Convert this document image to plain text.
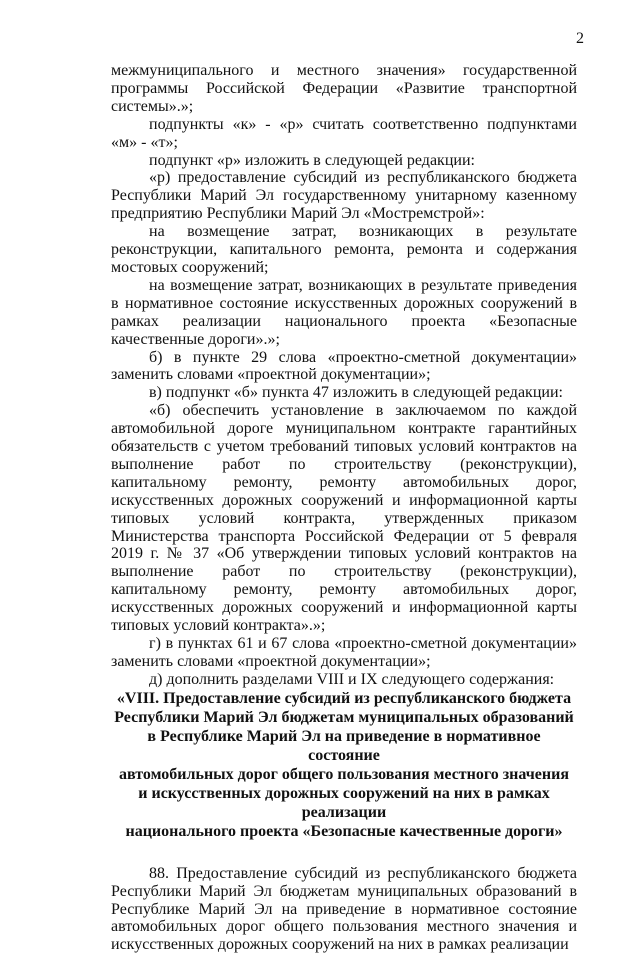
2

межмуниципального и местного значения» государственной программы Российской Федерации «Развитие транспортной системы».»;

подпункты «к» - «р» считать соответственно подпунктами «м» - «т»;

подпункт «р» изложить в следующей редакции:

«р) предоставление субсидий из республиканского бюджета Республики Марий Эл государственному унитарному казенному предприятию Республики Марий Эл «Мостремстрой»:

на возмещение затрат, возникающих в результате реконструкции, капитального ремонта, ремонта и содержания мостовых сооружений;

на возмещение затрат, возникающих в результате приведения в нормативное состояние искусственных дорожных сооружений в рамках реализации национального проекта «Безопасные качественные дороги».»;

б) в пункте 29 слова «проектно-сметной документации» заменить словами «проектной документации»;

в) подпункт «б» пункта 47 изложить в следующей редакции:

«б) обеспечить установление в заключаемом по каждой автомобильной дороге муниципальном контракте гарантийных обязательств с учетом требований типовых условий контрактов на выполнение работ по строительству (реконструкции), капитальному ремонту, ремонту автомобильных дорог, искусственных дорожных сооружений и информационной карты типовых условий контракта, утвержденных приказом Министерства транспорта Российской Федерации от 5 февраля 2019 г. № 37 «Об утверждении типовых условий контрактов на выполнение работ по строительству (реконструкции), капитальному ремонту, ремонту автомобильных дорог, искусственных дорожных сооружений и информационной карты типовых условий контракта».»;

г) в пунктах 61 и 67 слова «проектно-сметной документации» заменить словами «проектной документации»;

д) дополнить разделами VIII и IX следующего содержания:

«VIII. Предоставление субсидий из республиканского бюджета

Республики Марий Эл бюджетам муниципальных образований

в Республике Марий Эл на приведение в нормативное состояние

автомобильных дорог общего пользования местного значения

и искусственных дорожных сооружений на них в рамках реализации

национального проекта «Безопасные качественные дороги»

88. Предоставление субсидий из республиканского бюджета Республики Марий Эл бюджетам муниципальных образований в Республике Марий Эл на приведение в нормативное состояние автомобильных дорог общего пользования местного значения и искусственных дорожных сооружений на них в рамках реализации
